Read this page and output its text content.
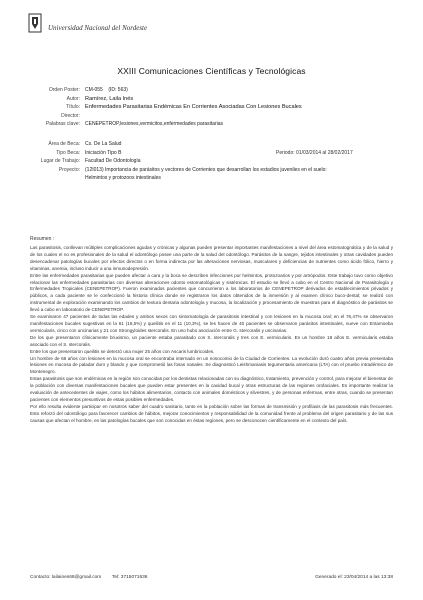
Universidad Nacional del Nordeste
XXIII Comunicaciones Científicas y Tecnológicas
Orden Poster: CM-055 (ID: 563)
Autor: Ramírez, Laila Inés
Título: Enfermedades Parasitarias Endémicas En Corrientes Asociadas Con Lesiones Bucales
Director:
Palabras clave: CENEPETROP,lesiones,vermicitos,enfermedades parasitarias
Área de Beca: Cs. De La Salud
Tipo Beca: Iniciación Tipo B	Periodo: 01/03/2014 al 28/02/2017
Lugar de Trabajo: Facultad De Odontología
Proyecto: (12I013) Importancia de parásitos y vectores de Corrientes que desarrollan los estadios juveniles en el suelo:
Helmintos y protozoos intestinales
Resumen :

Las parasitosis, conllevan múltiples complicaciones agudas y crónicas y algunas pueden presentar importantes manifestaciones a nivel del área estomatognática y de la salud y de los cuales el no es profesionales de la salud el odontólogo posee una parte de la salud del odontólogo. Parásitos de la sangre, tejidos intestinales y otras cavidades pueden desencadenar patologías bucales por efectos directos o en forma indirecta por las alteraciones nerviosas, musculares y deficiencias de nutrientes como ácido fólico, hierro y vitaminas, anemia, incluso inducir a una inmunodepresión.

Entre las enfermedades parasitarias que pueden afectar a cara y la boca se describen infecciones por helmintos, protozoarios y por artrópodos. Este trabajo tuvo como objetivo relacionar las enfermedades parasitarias con diversas alteraciones odonto estomatológicas y sistémicas. El estudio se llevó a cabo en el Centro Nacional de Parasitología y Enfermedades Tropicales (CENEPETROP). Fueron examinados pacientes que concurrieron a los laboratorios de CENEPETROP derivados de establecimientos privados y públicos, a cada paciente se le confeccionó la historia clínica donde se registraron los datos obtenidos de la inmersión y al examen clínico buco-dental; se realizó con instrumental de exploración examinando los cambios de textura dentaria odontología y mucosa, la localización y procesamiento de muestras para el diagnóstico de parásitos se llevó a cabo en laboratorio de CENEPETROP.

Se examinaron 47 pacientes de todas las edades y ambos sexos con sintomatología de parasitosis intestinal y con lesiones en la mucosa oral; en el 76,47% se observaron manifestaciones bucales sugestivas en la 61 (18,5%) y queilitis en el 11 (10,3%), se les hacen de 40 pacientes se observaron parásitos intestinales, nueve con Entamoeba vermicularis, cinco con uncinarias y 21 con Strongyloides stercoralis. En uno hubo asociación entre G. stercoralis y uncinarias.

De los que presentaron clínicamente bruxismo, un paciente estaba parasitado con S. stercoralis y tres con E. vermicularis. En un hombre 18 años E. vermicularis estaba asociado con el S. stercoralis.

Entre los que presentaron queilitis se detectó una mujer 25 años con Ascaris lumbricoides.

Un hombre de 68 años con lesiones en la mucosa oral se encontraba internado en un nosocomio de la Ciudad de Corrientes. La evolución duró cuatro años previa presentaba lesiones en mucosa de paladar duro y blando y que comprometió las fosas nasales. Se diagnosticó Leishmaniasis tegumentaria americana (LTA) con el pruebo intradérmico de Montenegro.

Estas parasitosis que son endémicas en la región son conocidas por los dentistas relacionadas con su diagnóstico, tratamiento, prevención y control, para mejorar el bienestar de la población con diversas manifestaciones bucales que pueden estar presentes en la cavidad bucal y otras estructuras de las regiones orofaciales. Es importante realizar la evaluación de antecedentes de viajes, como los hábitos alimentarios, contacto con animales domésticos y silvestres, y de personas enfermas, entre otras, cuando se presentan pacientes con elementos presuntivos de estas posibles enfermedades.

Por ello resulta evidente participar en nosotros saber del cuadro sanitario, tanto en la población sobre las formas de transmisión y profilaxis de las parasitosis más frecuentes. Esto reforzó del odontólogo para favorecer cambios de hábitos, mejorar conocimientos y responsabilidad de la comunidad frente al problema del origen parasitario y de las sus causas que afectan el hombre, en las patologías bucales que son conocidas en éstas regiones, pero se desconocen científicamente en el contexto del país.

Contacto: lailaines68@gmail.com Tel: 3715071636	Generado el: 23/04/2014 a las 13:38
